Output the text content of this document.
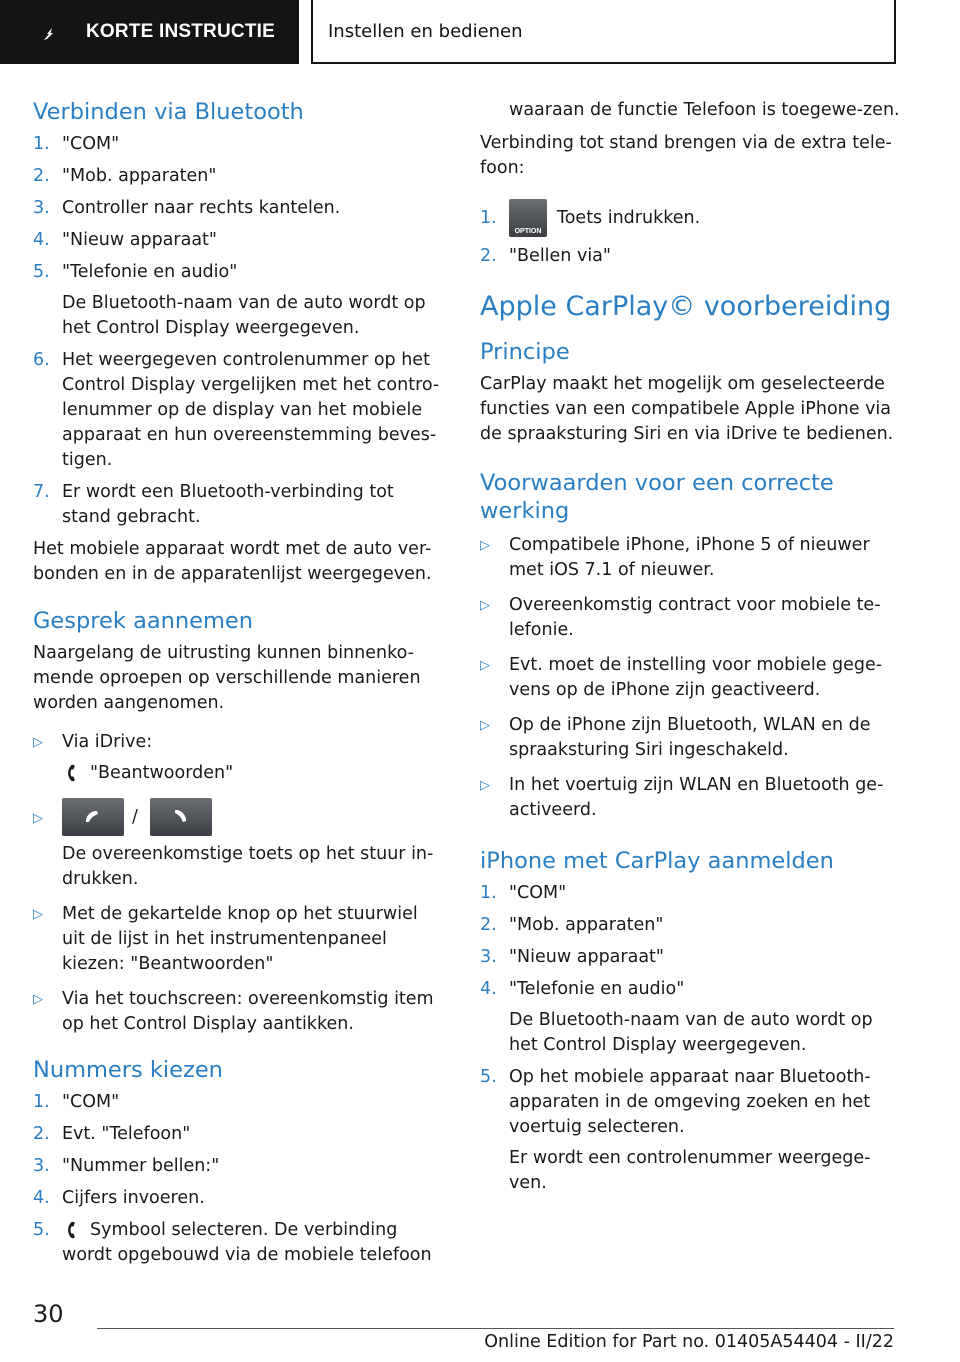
KORTE INSTRUCTIE	Instellen en bedienen
Verbinden via Bluetooth
1. "COM"
2. "Mob. apparaten"
3. Controller naar rechts kantelen.
4. "Nieuw apparaat"
5. "Telefonie en audio"
De Bluetooth-naam van de auto wordt op het Control Display weergegeven.
6. Het weergegeven controlenummer op het Control Display vergelijken met het contro-lenummer op de display van het mobiele apparaat en hun overeenstemming beves-tigen.
7. Er wordt een Bluetooth-verbinding tot stand gebracht.

Het mobiele apparaat wordt met de auto ver-bonden en in de apparatenlijst weergegeven.

Gesprek aannemen

Naargelang de uitrusting kunnen binnenko-mende oproepen op verschillende manieren worden aangenomen.

▷ Via iDrive:
"Beantwoorden"
▷	/
De overeenkomstige toets op het stuur in-drukken.
▷ Met de gekartelde knop op het stuurwiel uit de lijst in het instrumentenpaneel kiezen: "Beantwoorden"
▷ Via het touchscreen: overeenkomstig item op het Control Display aantikken.
Nummers kiezen
1. "COM"
2. Evt. "Telefoon"
3. "Nummer bellen:"
4. Cijfers invoeren.
5. Symbool selecteren. De verbinding wordt opgebouwd via de mobiele telefoon

waaraan de functie Telefoon is toegewe-zen.

Verbinding tot stand brengen via de extra tele-foon:

1.
OPTION
Toets indrukken.
2. "Bellen via"
Apple CarPlay© voorbereiding
Principe

CarPlay maakt het mogelijk om geselecteerde functies van een compatibele Apple iPhone via de spraaksturing Siri en via iDrive te bedienen.

Voorwaarden voor een correcte werking
▷ Compatibele iPhone, iPhone 5 of nieuwer met iOS 7.1 of nieuwer.
▷ Overeenkomstig contract voor mobiele te-lefonie.
▷ Evt. moet de instelling voor mobiele gege-vens op de iPhone zijn geactiveerd.
▷ Op de iPhone zijn Bluetooth, WLAN en de spraaksturing Siri ingeschakeld.
▷ In het voertuig zijn WLAN en Bluetooth ge-activeerd.
iPhone met CarPlay aanmelden
1. "COM"
2. "Mob. apparaten"
3. "Nieuw apparaat"
4. "Telefonie en audio"
De Bluetooth-naam van de auto wordt op het Control Display weergegeven.
5. Op het mobiele apparaat naar Bluetooth-apparaten in de omgeving zoeken en het voertuig selecteren.
Er wordt een controlenummer weergege-ven.
30
Online Edition for Part no. 01405A54404 - II/22
